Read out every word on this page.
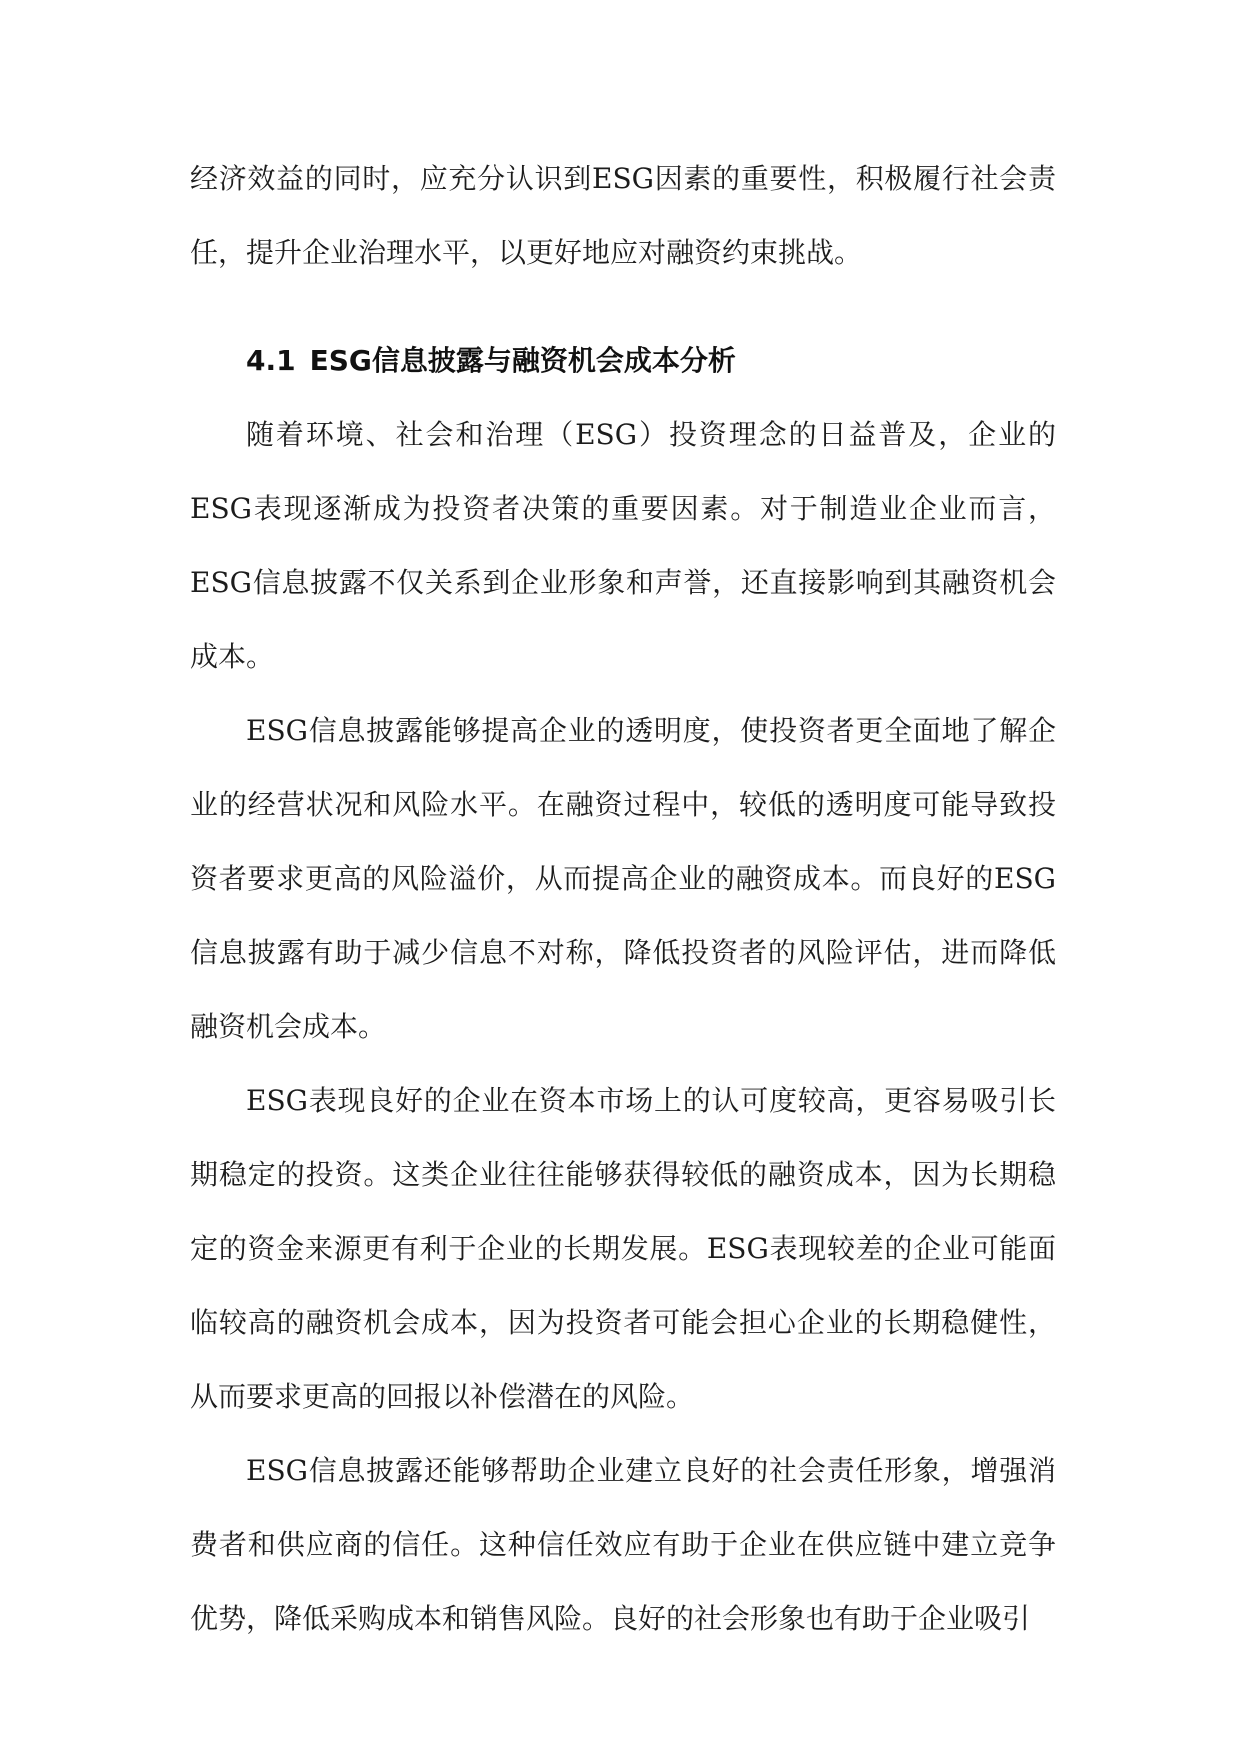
经济效益的同时，应充分认识到ESG因素的重要性，积极履行社会责任，提升企业治理水平，以更好地应对融资约束挑战。

4.1 ESG信息披露与融资机会成本分析

随着环境、社会和治理（ESG）投资理念的日益普及，企业的ESG表现逐渐成为投资者决策的重要因素。对于制造业企业而言，ESG信息披露不仅关系到企业形象和声誉，还直接影响到其融资机会成本。

ESG信息披露能够提高企业的透明度，使投资者更全面地了解企业的经营状况和风险水平。在融资过程中，较低的透明度可能导致投资者要求更高的风险溢价，从而提高企业的融资成本。而良好的ESG信息披露有助于减少信息不对称，降低投资者的风险评估，进而降低融资机会成本。

ESG表现良好的企业在资本市场上的认可度较高，更容易吸引长期稳定的投资。这类企业往往能够获得较低的融资成本，因为长期稳定的资金来源更有利于企业的长期发展。ESG表现较差的企业可能面临较高的融资机会成本，因为投资者可能会担心企业的长期稳健性，从而要求更高的回报以补偿潜在的风险。

ESG信息披露还能够帮助企业建立良好的社会责任形象，增强消费者和供应商的信任。这种信任效应有助于企业在供应链中建立竞争优势，降低采购成本和销售风险。良好的社会形象也有助于企业吸引
